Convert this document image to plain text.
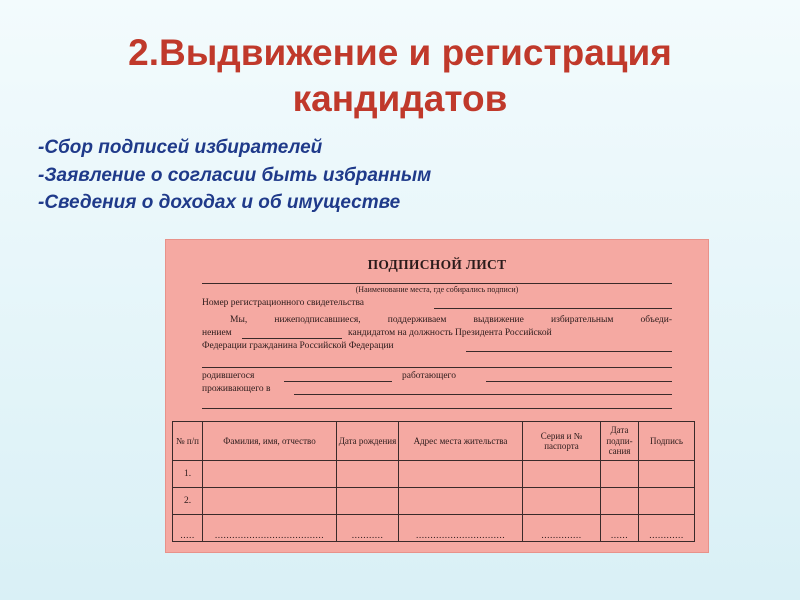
2.Выдвижение и регистрация
кандидатов
-Сбор подписей избирателей
-Заявление о согласии быть избранным
-Сведения о доходах и об имуществе
ПОДПИСНОЙ ЛИСТ
(Наименование места, где собирались подписи)
Номер регистрационного свидетельства
Мы, нижеподписавшиеся, поддерживаем выдвижение избирательным объеди-
нением	кандидатом на должность Президента Российской
Федерации гражданина Российской Федерации
родившегося	работающего
проживающего в
№ п/п	Фамилия, имя, отчество	Дата рождения	Адрес места жительства	Серия и № паспорта	Дата подпи- сания	Подпись
1.						
2.						
.....	......................................	...........	...............................	..............	......	............
